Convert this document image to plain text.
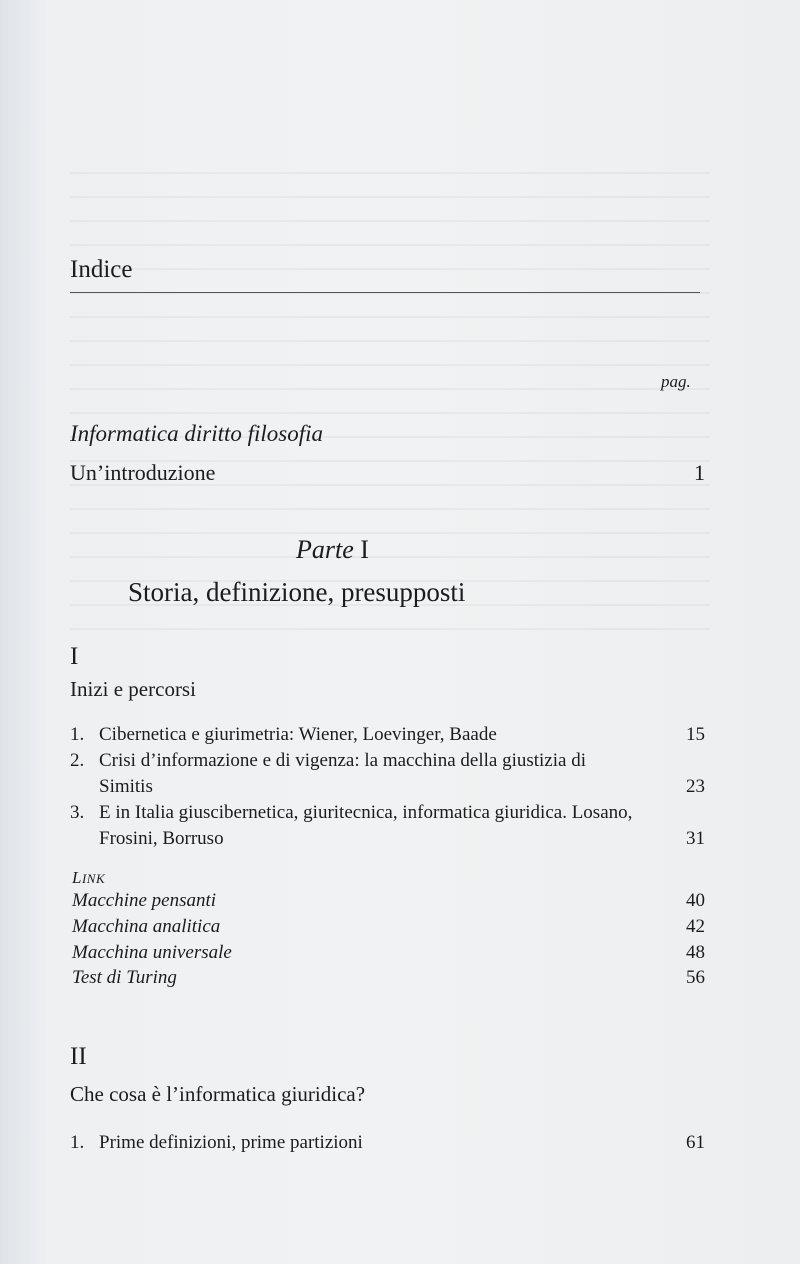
Indice
pag.
Informatica diritto filosofia
Un’introduzione	1
Parte I
Storia, definizione, presupposti
I
Inizi e percorsi
1. Cibernetica e giurimetria: Wiener, Loevinger, Baade	15
2. Crisi d’informazione e di vigenza: la macchina della giustizia di Simitis	23
3. E in Italia giuscibernetica, giuritecnica, informatica giuridica. Losano, Frosini, Borruso	31
LINK
Macchine pensanti	40
Macchina analitica	42
Macchina universale	48
Test di Turing	56
II
Che cosa è l’informatica giuridica?
1. Prime definizioni, prime partizioni	61
